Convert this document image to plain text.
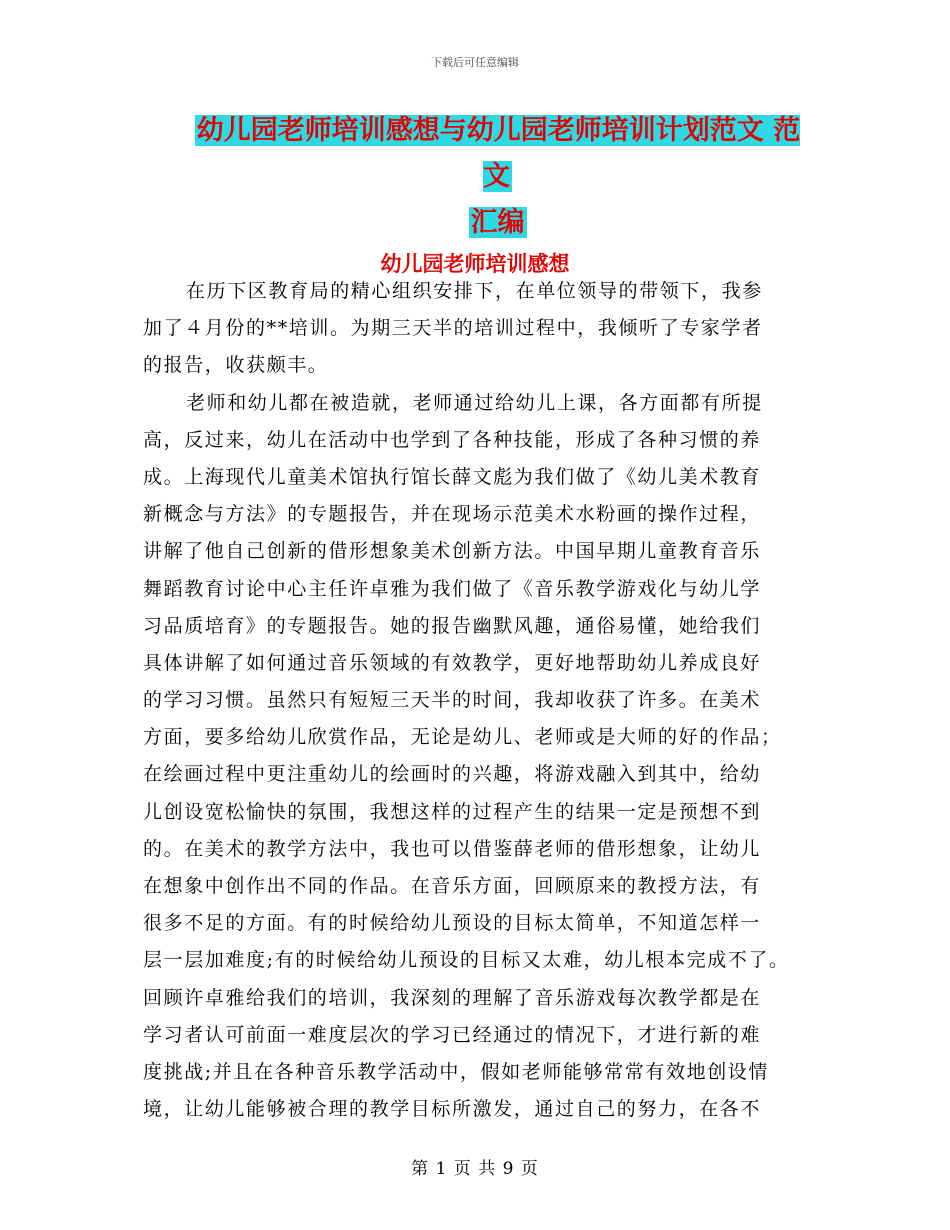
下载后可任意编辑
幼儿园老师培训感想与幼儿园老师培训计划范文 范文
汇编
幼儿园老师培训感想
在历下区教育局的精心组织安排下，在单位领导的带领下，我参
加了４月份的**培训。为期三天半的培训过程中，我倾听了专家学者
的报告，收获颇丰。
老师和幼儿都在被造就，老师通过给幼儿上课，各方面都有所提
高，反过来，幼儿在活动中也学到了各种技能，形成了各种习惯的养
成。上海现代儿童美术馆执行馆长薛文彪为我们做了《幼儿美术教育
新概念与方法》的专题报告，并在现场示范美术水粉画的操作过程，
讲解了他自己创新的借形想象美术创新方法。中国早期儿童教育音乐
舞蹈教育讨论中心主任许卓雅为我们做了《音乐教学游戏化与幼儿学
习品质培育》的专题报告。她的报告幽默风趣，通俗易懂，她给我们
具体讲解了如何通过音乐领域的有效教学，更好地帮助幼儿养成良好
的学习习惯。虽然只有短短三天半的时间，我却收获了许多。在美术
方面，要多给幼儿欣赏作品，无论是幼儿、老师或是大师的好的作品；
在绘画过程中更注重幼儿的绘画时的兴趣，将游戏融入到其中，给幼
儿创设宽松愉快的氛围，我想这样的过程产生的结果一定是预想不到
的。在美术的教学方法中，我也可以借鉴薛老师的借形想象，让幼儿
在想象中创作出不同的作品。在音乐方面，回顾原来的教授方法，有
很多不足的方面。有的时候给幼儿预设的目标太简单，不知道怎样一
层一层加难度;有的时候给幼儿预设的目标又太难，幼儿根本完成不了。
回顾许卓雅给我们的培训，我深刻的理解了音乐游戏每次教学都是在
学习者认可前面一难度层次的学习已经通过的情况下，才进行新的难
度挑战;并且在各种音乐教学活动中，假如老师能够常常有效地创设情
境，让幼儿能够被合理的教学目标所激发，通过自己的努力，在各不
第 1 页 共 9 页
